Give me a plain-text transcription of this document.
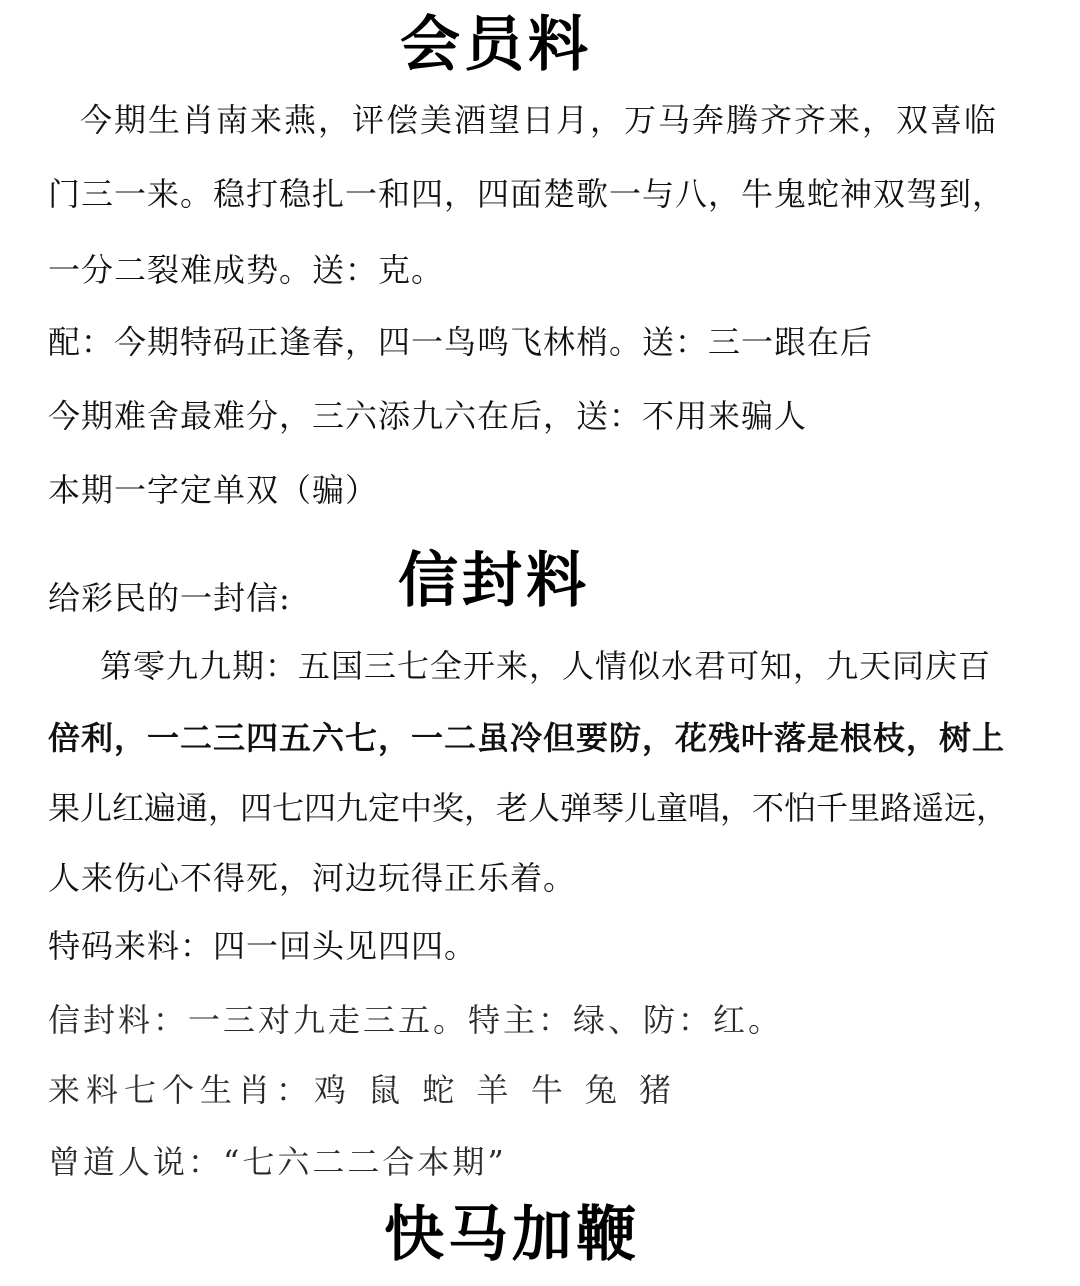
会员料
今期生肖南来燕，评偿美酒望日月，万马奔腾齐齐来，双喜临
门三一来。稳打稳扎一和四，四面楚歌一与八，牛鬼蛇神双驾到，
一分二裂难成势。送：克。
配：今期特码正逢春，四一鸟鸣飞林梢。送：三一跟在后
今期难舍最难分，三六添九六在后，送：不用来骗人
本期一字定单双（骗）
给彩民的一封信: 信封料
第零九九期：五国三七全开来，人情似水君可知，九天同庆百
倍利，一二三四五六七，一二虽冷但要防，花残叶落是根枝，树上
果儿红遍通，四七四九定中奖，老人弹琴儿童唱，不怕千里路遥远，
人来伤心不得死，河边玩得正乐着。
特码来料：四一回头见四四。
信封料：一三对九走三五。特主：绿、防：红。
来料七个生肖：鸡 鼠 蛇 羊 牛 兔 猪
曾道人说：“七六二二合本期”
快马加鞭
